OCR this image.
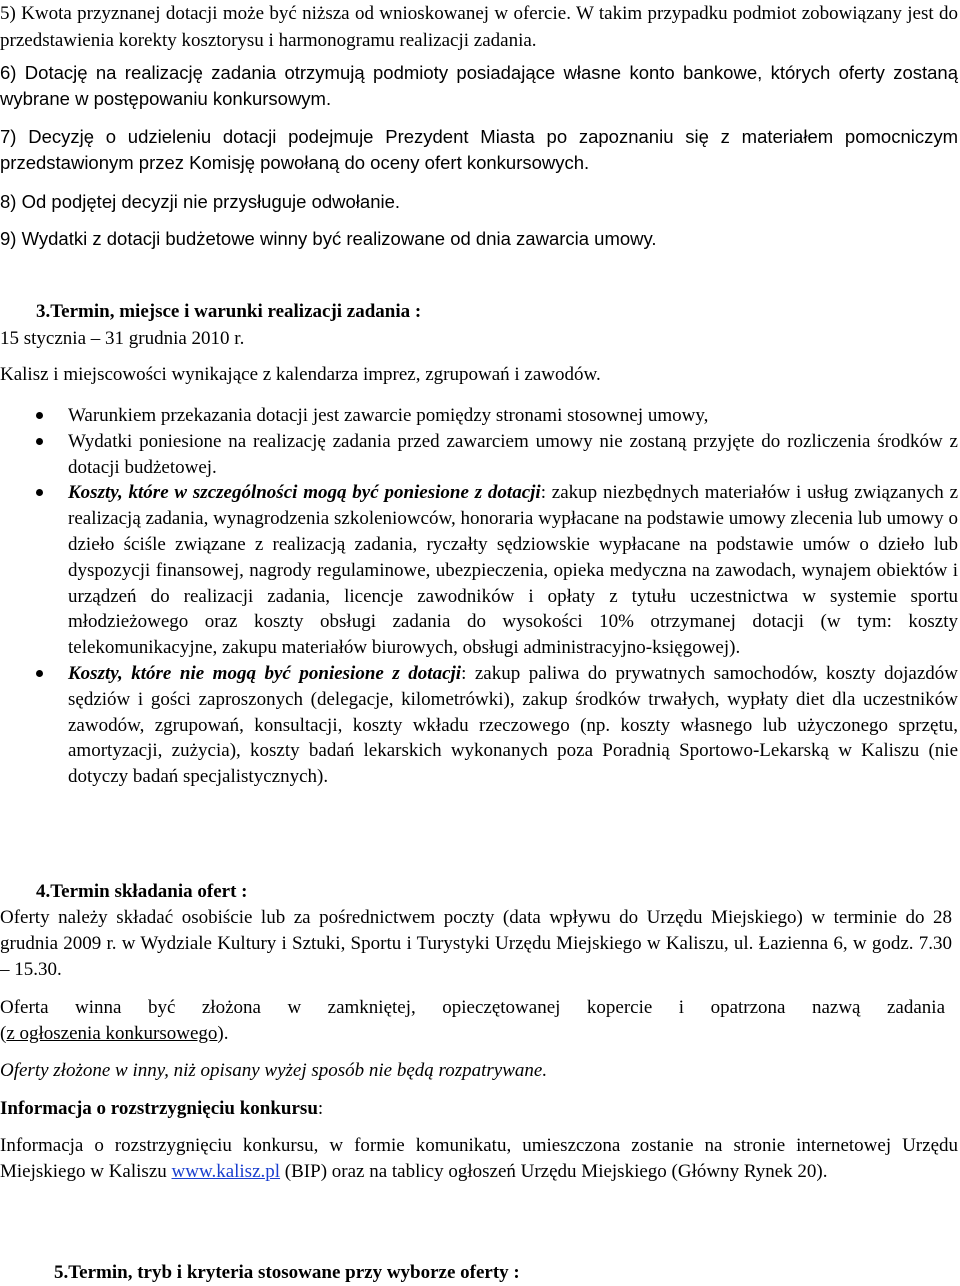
5) Kwota przyznanej dotacji może być niższa od wnioskowanej w ofercie. W takim przypadku podmiot zobowiązany jest do przedstawienia korekty kosztorysu i harmonogramu realizacji zadania.
6) Dotację na realizację zadania otrzymują podmioty posiadające własne konto bankowe, których oferty zostaną wybrane w postępowaniu konkursowym.
7) Decyzję o udzieleniu dotacji podejmuje Prezydent Miasta po zapoznaniu się z materiałem pomocniczym przedstawionym przez Komisję powołaną do oceny ofert konkursowych.
8) Od podjętej decyzji nie przysługuje odwołanie.
9) Wydatki z dotacji budżetowe winny być realizowane od dnia zawarcia umowy.
3.Termin, miejsce i warunki realizacji zadania :
15 stycznia – 31 grudnia 2010 r.
Kalisz i miejscowości wynikające z kalendarza imprez, zgrupowań i zawodów.
Warunkiem przekazania dotacji jest zawarcie pomiędzy stronami stosownej umowy,
Wydatki poniesione na realizację zadania przed zawarciem umowy nie zostaną przyjęte do rozliczenia środków z dotacji budżetowej.
Koszty, które w szczególności mogą być poniesione z dotacji: zakup niezbędnych materiałów i usług związanych z realizacją zadania, wynagrodzenia szkoleniowców, honoraria wypłacane na podstawie umowy zlecenia lub umowy o dzieło ściśle związane z realizacją zadania, ryczałty sędziowskie wypłacane na podstawie umów o dzieło lub dyspozycji finansowej, nagrody regulaminowe, ubezpieczenia, opieka medyczna na zawodach, wynajem obiektów i urządzeń do realizacji zadania, licencje zawodników i opłaty z tytułu uczestnictwa w systemie sportu młodzieżowego oraz koszty obsługi zadania do wysokości 10% otrzymanej dotacji (w tym: koszty telekomunikacyjne, zakupu materiałów biurowych, obsługi administracyjno-księgowej).
Koszty, które nie mogą być poniesione z dotacji: zakup paliwa do prywatnych samochodów, koszty dojazdów sędziów i gości zaproszonych (delegacje, kilometrówki), zakup środków trwałych, wypłaty diet dla uczestników zawodów, zgrupowań, konsultacji, koszty wkładu rzeczowego (np. koszty własnego lub użyczonego sprzętu, amortyzacji, zużycia), koszty badań lekarskich wykonanych poza Poradnią Sportowo-Lekarską w Kaliszu (nie dotyczy badań specjalistycznych).
4.Termin składania ofert :
Oferty należy składać osobiście lub za pośrednictwem poczty (data wpływu do Urzędu Miejskiego) w terminie do 28 grudnia 2009 r. w Wydziale Kultury i Sztuki, Sportu i Turystyki Urzędu Miejskiego w Kaliszu, ul. Łazienna 6, w godz. 7.30 – 15.30.
Oferta winna być złożona w zamkniętej, opieczętowanej kopercie i opatrzona nazwą zadania
(z ogłoszenia konkursowego).
Oferty złożone w inny, niż opisany wyżej sposób nie będą rozpatrywane.
Informacja o rozstrzygnięciu konkursu:
Informacja o rozstrzygnięciu konkursu, w formie komunikatu, umieszczona zostanie na stronie internetowej Urzędu Miejskiego w Kaliszu www.kalisz.pl (BIP) oraz na tablicy ogłoszeń Urzędu Miejskiego (Główny Rynek 20).
5.Termin, tryb i kryteria stosowane przy wyborze oferty :
